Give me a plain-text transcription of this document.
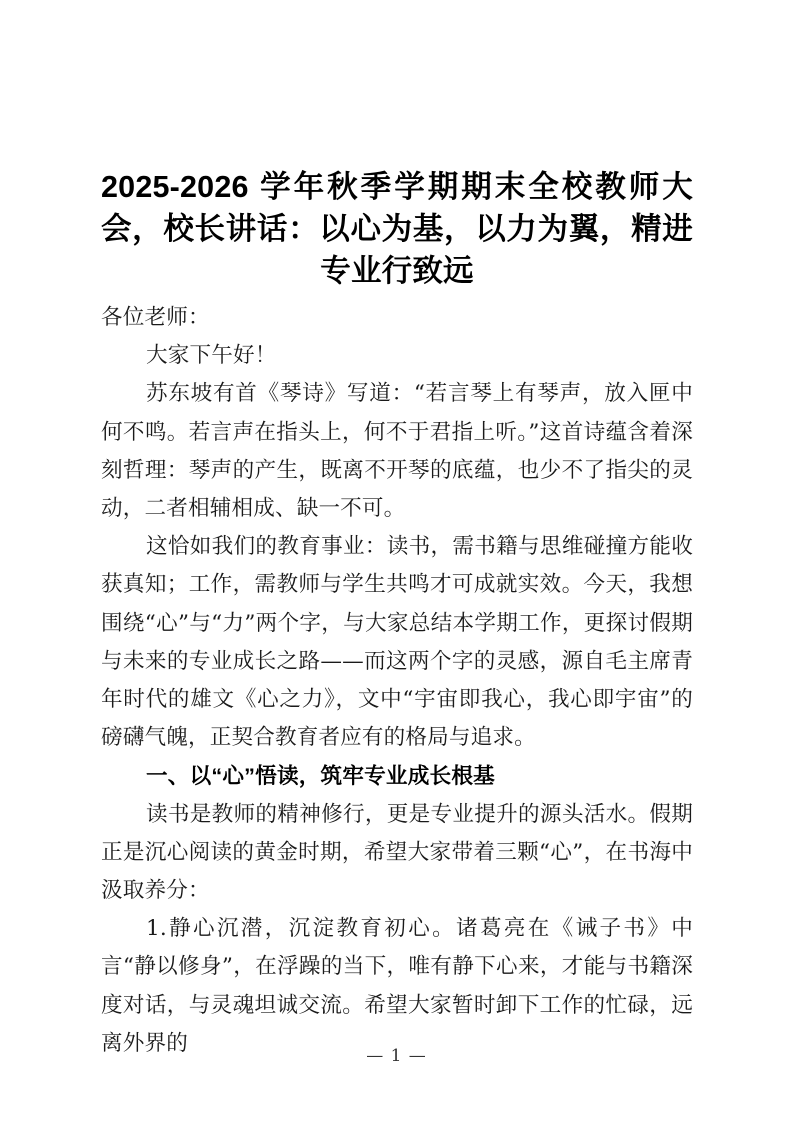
2025-2026 学年秋季学期期末全校教师大会，校长讲话：以心为基，以力为翼，精进专业行致远

各位老师：

大家下午好！

苏东坡有首《琴诗》写道：“若言琴上有琴声，放入匣中何不鸣。若言声在指头上，何不于君指上听。”这首诗蕴含着深刻哲理：琴声的产生，既离不开琴的底蕴，也少不了指尖的灵动，二者相辅相成、缺一不可。

这恰如我们的教育事业：读书，需书籍与思维碰撞方能收获真知；工作，需教师与学生共鸣才可成就实效。今天，我想围绕“心”与“力”两个字，与大家总结本学期工作，更探讨假期与未来的专业成长之路——而这两个字的灵感，源自毛主席青年时代的雄文《心之力》，文中“宇宙即我心，我心即宇宙”的磅礴气魄，正契合教育者应有的格局与追求。

一、以“心”悟读，筑牢专业成长根基

读书是教师的精神修行，更是专业提升的源头活水。假期正是沉心阅读的黄金时期，希望大家带着三颗“心”，在书海中汲取养分：

1.静心沉潜，沉淀教育初心。诸葛亮在《诫子书》中言“静以修身”，在浮躁的当下，唯有静下心来，才能与书籍深度对话，与灵魂坦诚交流。希望大家暂时卸下工作的忙碌，远离外界的

— 1 —
